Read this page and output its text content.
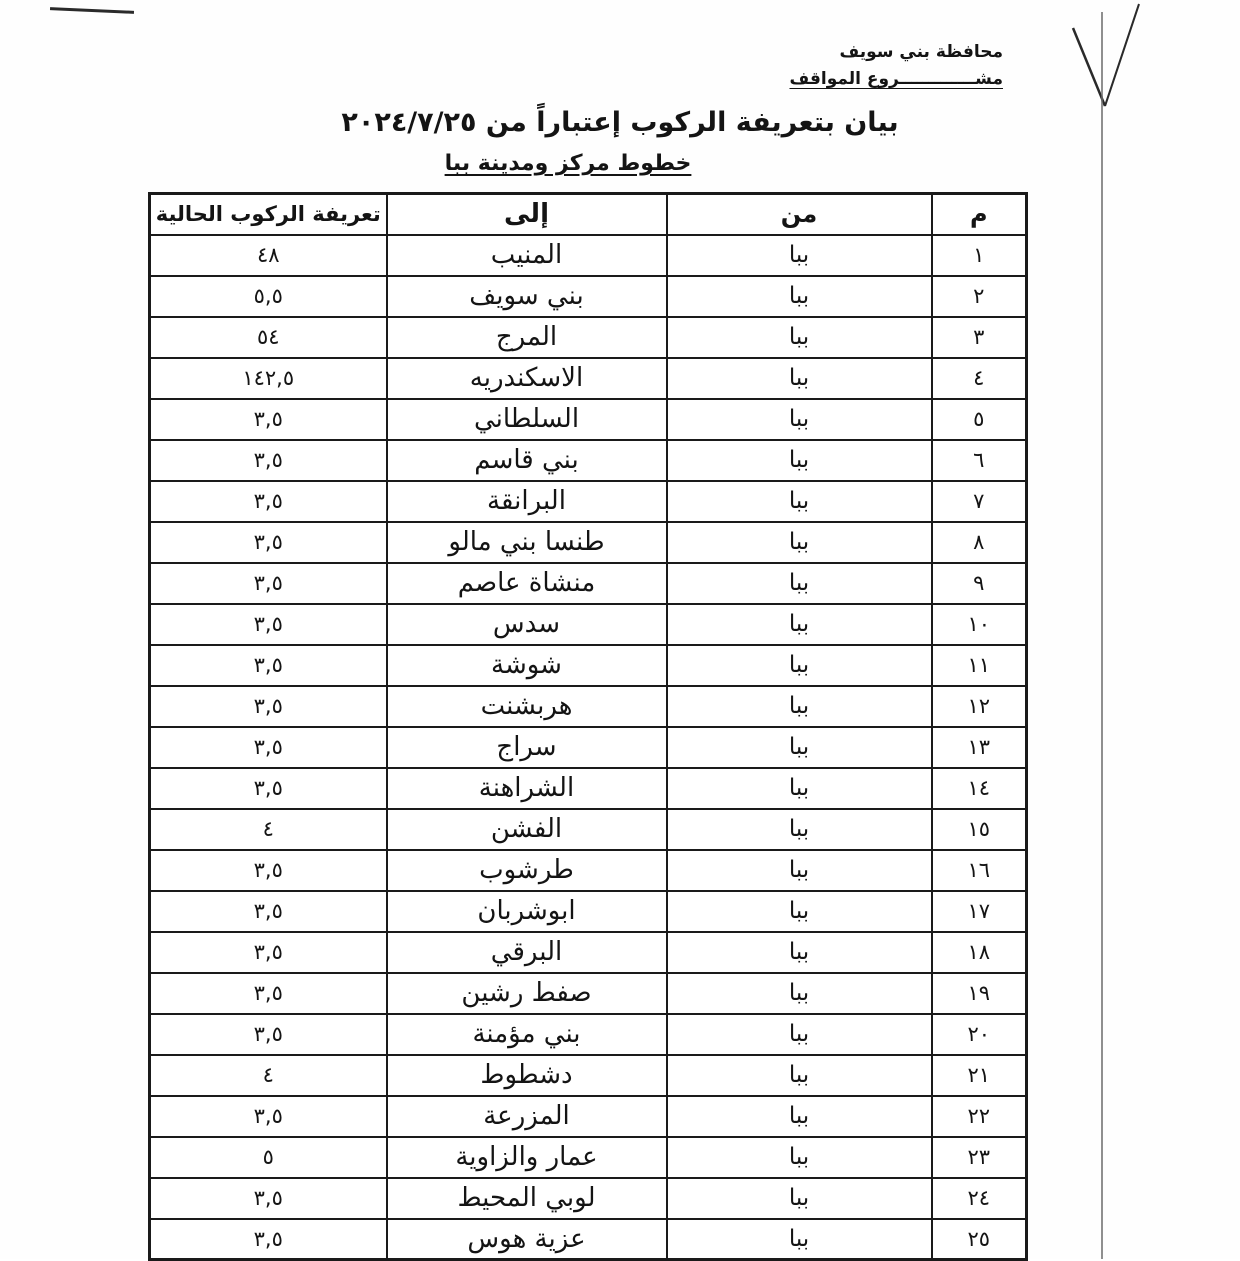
محافظة بني سويف
مشـــــــــــــروع المواقف
بيان بتعريفة الركوب إعتباراً من ٢٠٢٤/٧/٢٥
خطوط مركز ومدينة ببا
م	من	إلى	تعريفة الركوب الحالية
١	ببا	المنيب	٤٨
٢	ببا	بني سويف	٥,٥
٣	ببا	المرج	٥٤
٤	ببا	الاسكندريه	١٤٢,٥
٥	ببا	السلطاني	٣,٥
٦	ببا	بني قاسم	٣,٥
٧	ببا	البرانقة	٣,٥
٨	ببا	طنسا بني مالو	٣,٥
٩	ببا	منشاة عاصم	٣,٥
١٠	ببا	سدس	٣,٥
١١	ببا	شوشة	٣,٥
١٢	ببا	هربشنت	٣,٥
١٣	ببا	سراج	٣,٥
١٤	ببا	الشراهنة	٣,٥
١٥	ببا	الفشن	٤
١٦	ببا	طرشوب	٣,٥
١٧	ببا	ابوشربان	٣,٥
١٨	ببا	البرقي	٣,٥
١٩	ببا	صفط رشين	٣,٥
٢٠	ببا	بني مؤمنة	٣,٥
٢١	ببا	دشطوط	٤
٢٢	ببا	المزرعة	٣,٥
٢٣	ببا	عمار والزاوية	٥
٢٤	ببا	لوبي المحيط	٣,٥
٢٥	ببا	عزية هوس	٣,٥
